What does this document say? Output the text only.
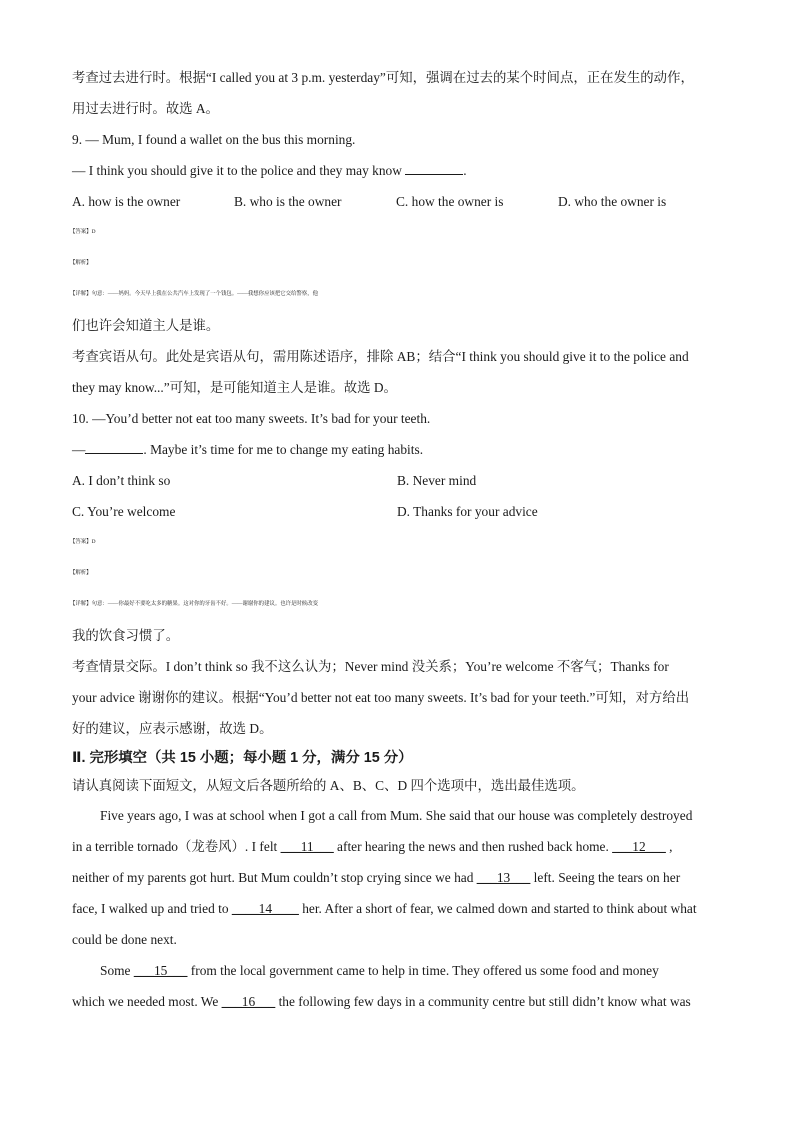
考查过去进行时。根据“I called you at 3 p.m. yesterday”可知，强调在过去的某个时间点，正在发生的动作，
用过去进行时。故选 A。
9. — Mum, I found a wallet on the bus this morning.
— I think you should give it to the police and they may know	.
A. how is the owner	B. who is the owner	C. how the owner is	D. who the owner is
【答案】D
【解析】
【详解】句意：——妈妈。今天早上我在公共汽车上发现了一个钱包。——我想你应该把它交给警察，他
们也许会知道主人是谁。
考查宾语从句。此处是宾语从句，需用陈述语序，排除 AB；结合“I think you should give it to the police and
they may know...”可知，是可能知道主人是谁。故选 D。
10. —You’d better not eat too many sweets. It’s bad for your teeth.
—	. Maybe it’s time for me to change my eating habits.
A. I don’t think so	B. Never mind
C. You’re welcome	D. Thanks for your advice
【答案】D
【解析】
【详解】句意：——你最好不要吃太多的糖果。这对你的牙齿不好。——谢谢你的建议。也许是时候改变
我的饮食习惯了。
考查情景交际。I don’t think so 我不这么认为；Never mind 没关系；You’re welcome 不客气；Thanks for
your advice 谢谢你的建议。根据“You’d better not eat too many sweets. It’s bad for your teeth.”可知，对方给出
好的建议，应表示感谢，故选 D。
Ⅱ. 完形填空（共 15 小题；每小题 1 分，满分 15 分）
请认真阅读下面短文，从短文后各题所给的 A、B、C、D 四个选项中，选出最佳选项。
Five years ago, I was at school when I got a call from Mum. She said that our house was completely destroyed
in a terrible tornado（龙卷风）. I felt ___11___ after hearing the news and then rushed back home. ___12___ ,
neither of my parents got hurt. But Mum couldn’t stop crying since we had ___13___ left. Seeing the tears on her
face, I walked up and tried to ____14____ her. After a short of fear, we calmed down and started to think about what
could be done next.
Some ___15___ from the local government came to help in time. They offered us some food and money
which we needed most. We ___16___ the following few days in a community centre but still didn’t know what was
